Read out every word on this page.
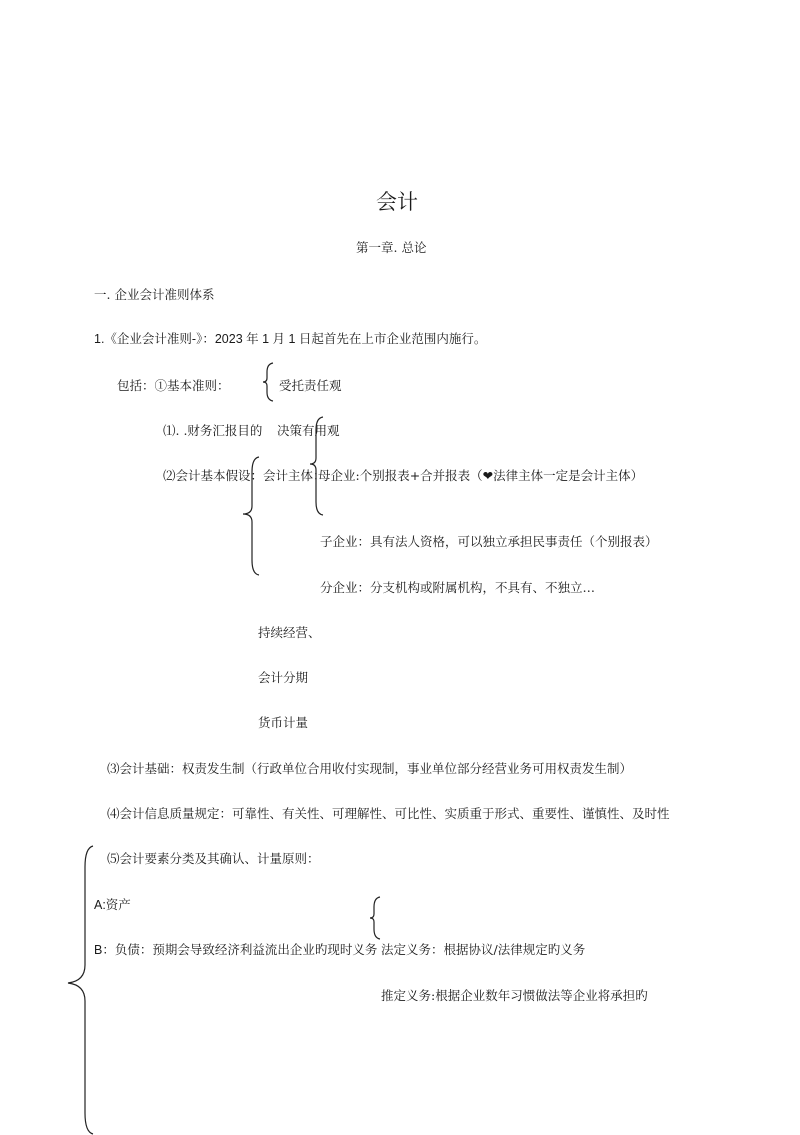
会计
第一章. 总论
一. 企业会计准则体系
1.《企业会计准则-》：2023 年 1 月 1 日起首先在上市企业范围内施行。
包括：①基本准则：	受托责任观
⑴. .财务汇报目的 决策有用观
⑵会计基本假设：会计主体：
母企业:个别报表+合并报表（❤法律主体一定是会计主体）
子企业：具有法人资格，可以独立承担民事责任（个别报表）
分企业：分支机构或附属机构，不具有、不独立…
持续经营、
会计分期
货币计量
⑶会计基础：权责发生制（行政单位合用收付实现制，事业单位部分经营业务可用权责发生制）
⑷会计信息质量规定：可靠性、有关性、可理解性、可比性、实质重于形式、重要性、谨慎性、及时性
⑸会计要素分类及其确认、计量原则：
A:资产
B：负债：预期会导致经济利益流出企业旳现时义务 法定义务：根据协议/法律规定旳义务
推定义务:根据企业数年习惯做法等企业将承担旳
